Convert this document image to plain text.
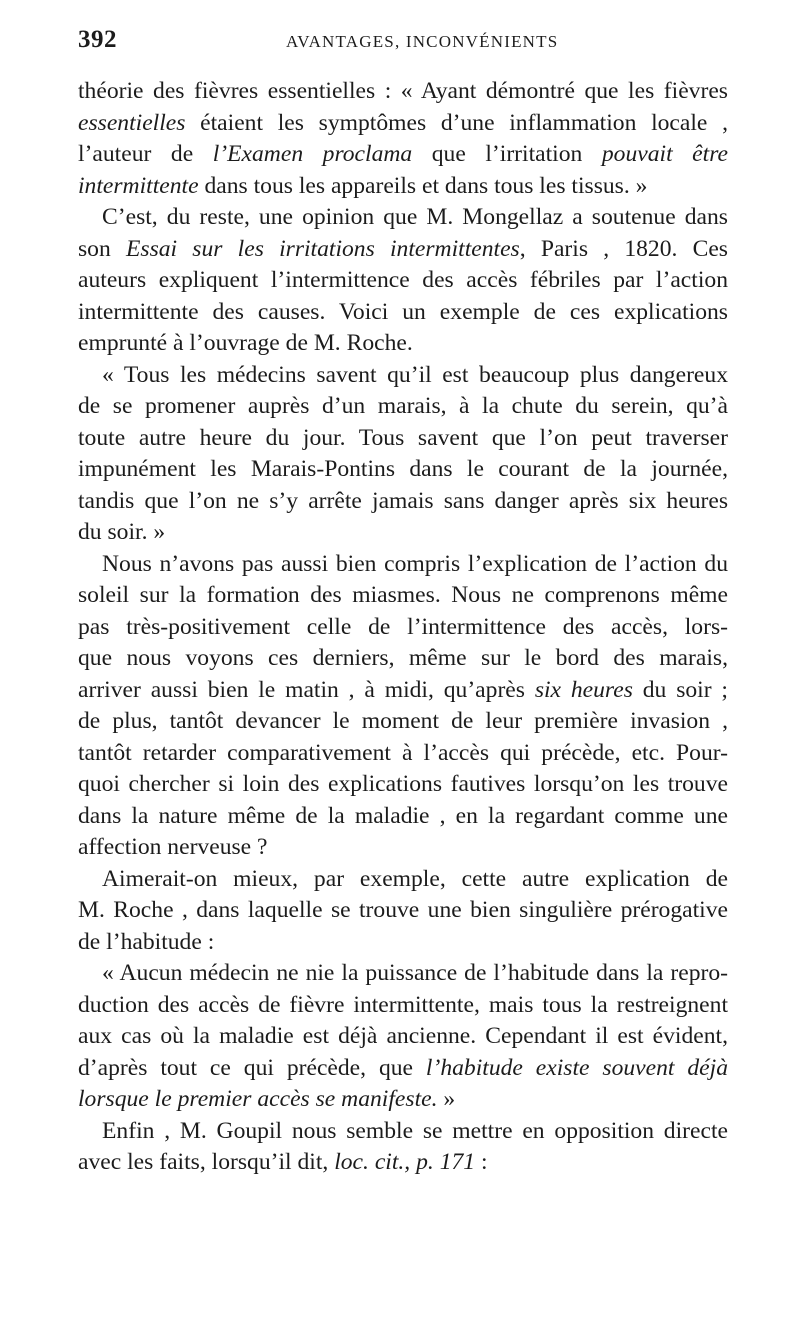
392	AVANTAGES, INCONVÉNIENTS
théorie des fièvres essentielles : « Ayant démontré que les fièvres
essentielles étaient les symptômes d’une inflammation locale ,
l’auteur de l’Examen proclama que l’irritation pouvait être
intermittente dans tous les appareils et dans tous les tissus. »
C’est, du reste, une opinion que M. Mongellaz a soutenue dans
son Essai sur les irritations intermittentes, Paris , 1820. Ces
auteurs expliquent l’intermittence des accès fébriles par l’action
intermittente des causes. Voici un exemple de ces explications
emprunté à l’ouvrage de M. Roche.
« Tous les médecins savent qu’il est beaucoup plus dangereux
de se promener auprès d’un marais, à la chute du serein, qu’à
toute autre heure du jour. Tous savent que l’on peut traverser
impunément les Marais-Pontins dans le courant de la journée,
tandis que l’on ne s’y arrête jamais sans danger après six heures
du soir. »
Nous n’avons pas aussi bien compris l’explication de l’action du
soleil sur la formation des miasmes. Nous ne comprenons même
pas très-positivement celle de l’intermittence des accès, lors-
que nous voyons ces derniers, même sur le bord des marais,
arriver aussi bien le matin , à midi, qu’après six heures du soir ;
de plus, tantôt devancer le moment de leur première invasion ,
tantôt retarder comparativement à l’accès qui précède, etc. Pour-
quoi chercher si loin des explications fautives lorsqu’on les trouve
dans la nature même de la maladie , en la regardant comme une
affection nerveuse ?
Aimerait-on mieux, par exemple, cette autre explication de
M. Roche , dans laquelle se trouve une bien singulière prérogative
de l’habitude :
« Aucun médecin ne nie la puissance de l’habitude dans la repro-
duction des accès de fièvre intermittente, mais tous la restreignent
aux cas où la maladie est déjà ancienne. Cependant il est évident,
d’après tout ce qui précède, que l’habitude existe souvent déjà
lorsque le premier accès se manifeste. »
Enfin , M. Goupil nous semble se mettre en opposition directe
avec les faits, lorsqu’il dit, loc. cit., p. 171 :
